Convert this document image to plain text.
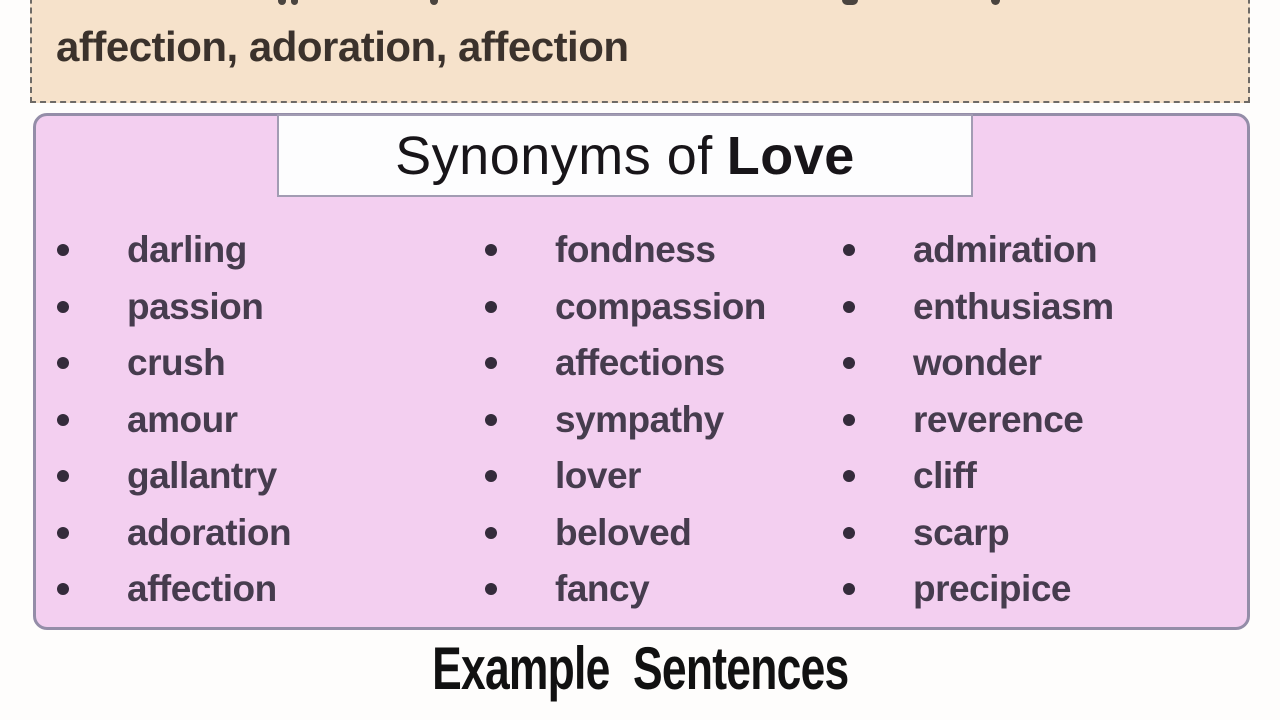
affection, adoration, affection
Synonyms of Love
darling
passion
crush
amour
gallantry
adoration
affection
fondness
compassion
affections
sympathy
lover
beloved
fancy
admiration
enthusiasm
wonder
reverence
cliff
scarp
precipice
Example Sentences
